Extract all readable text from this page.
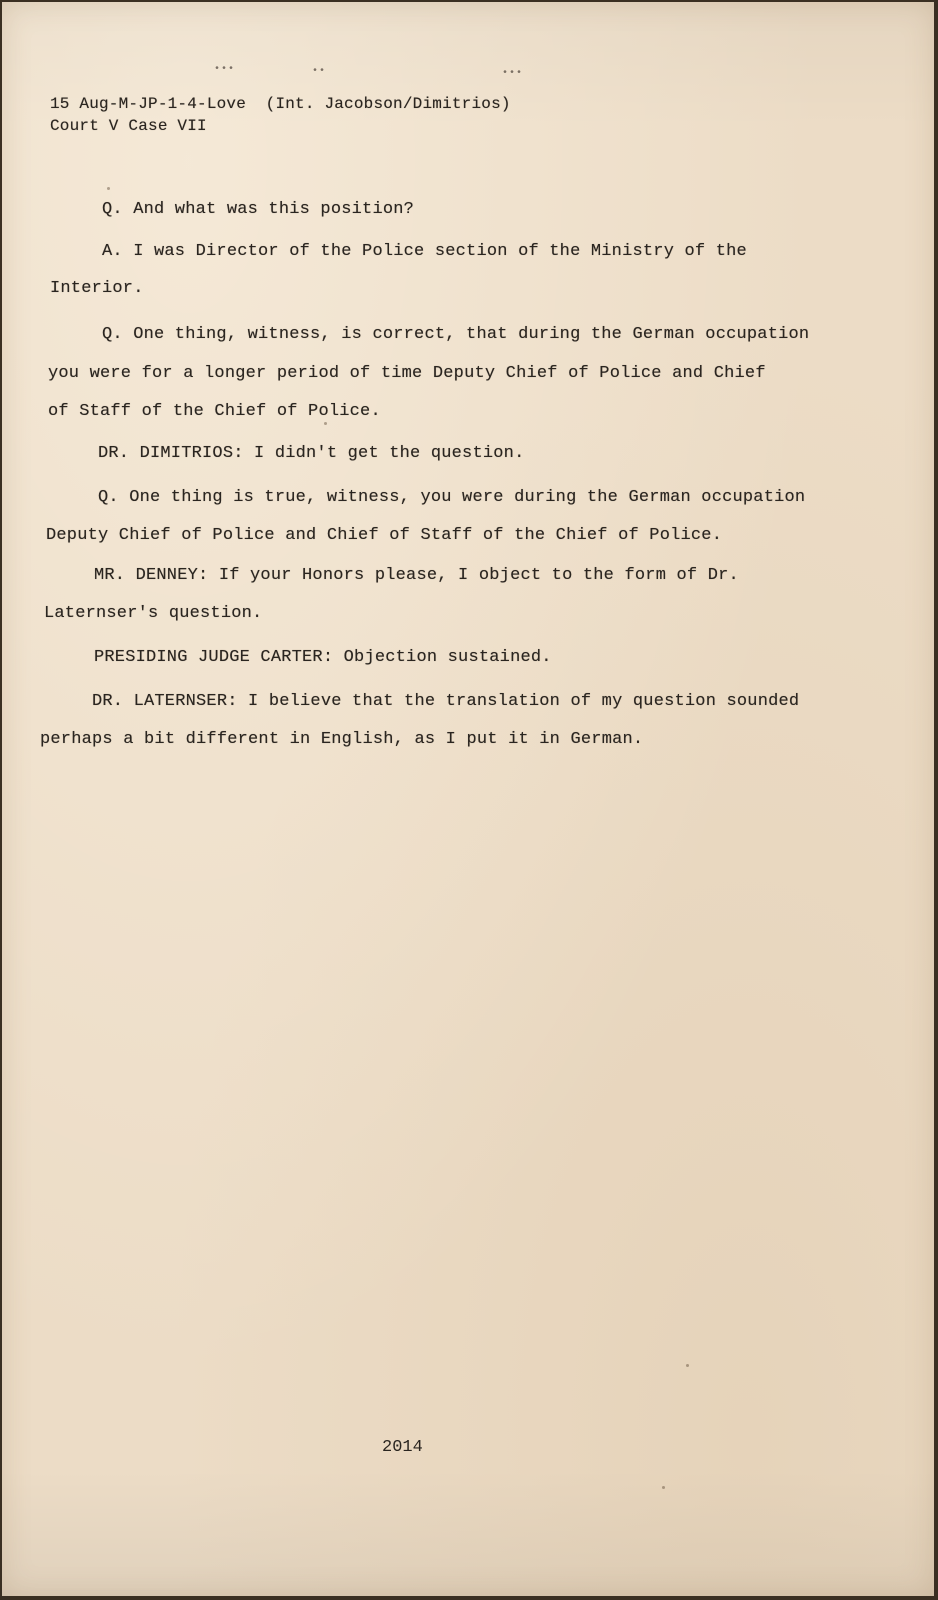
•••	••	•••
15 Aug-M-JP-1-4-Love (Int. Jacobson/Dimitrios)
Court V Case VII
Q. And what was this position?
A. I was Director of the Police section of the Ministry of the
Interior.
Q. One thing, witness, is correct, that during the German occupation
you were for a longer period of time Deputy Chief of Police and Chief
of Staff of the Chief of Police.
DR. DIMITRIOS: I didn't get the question.
Q. One thing is true, witness, you were during the German occupation
Deputy Chief of Police and Chief of Staff of the Chief of Police.
MR. DENNEY: If your Honors please, I object to the form of Dr.
Laternser's question.
PRESIDING JUDGE CARTER: Objection sustained.
DR. LATERNSER: I believe that the translation of my question sounded
perhaps a bit different in English, as I put it in German.
2014
